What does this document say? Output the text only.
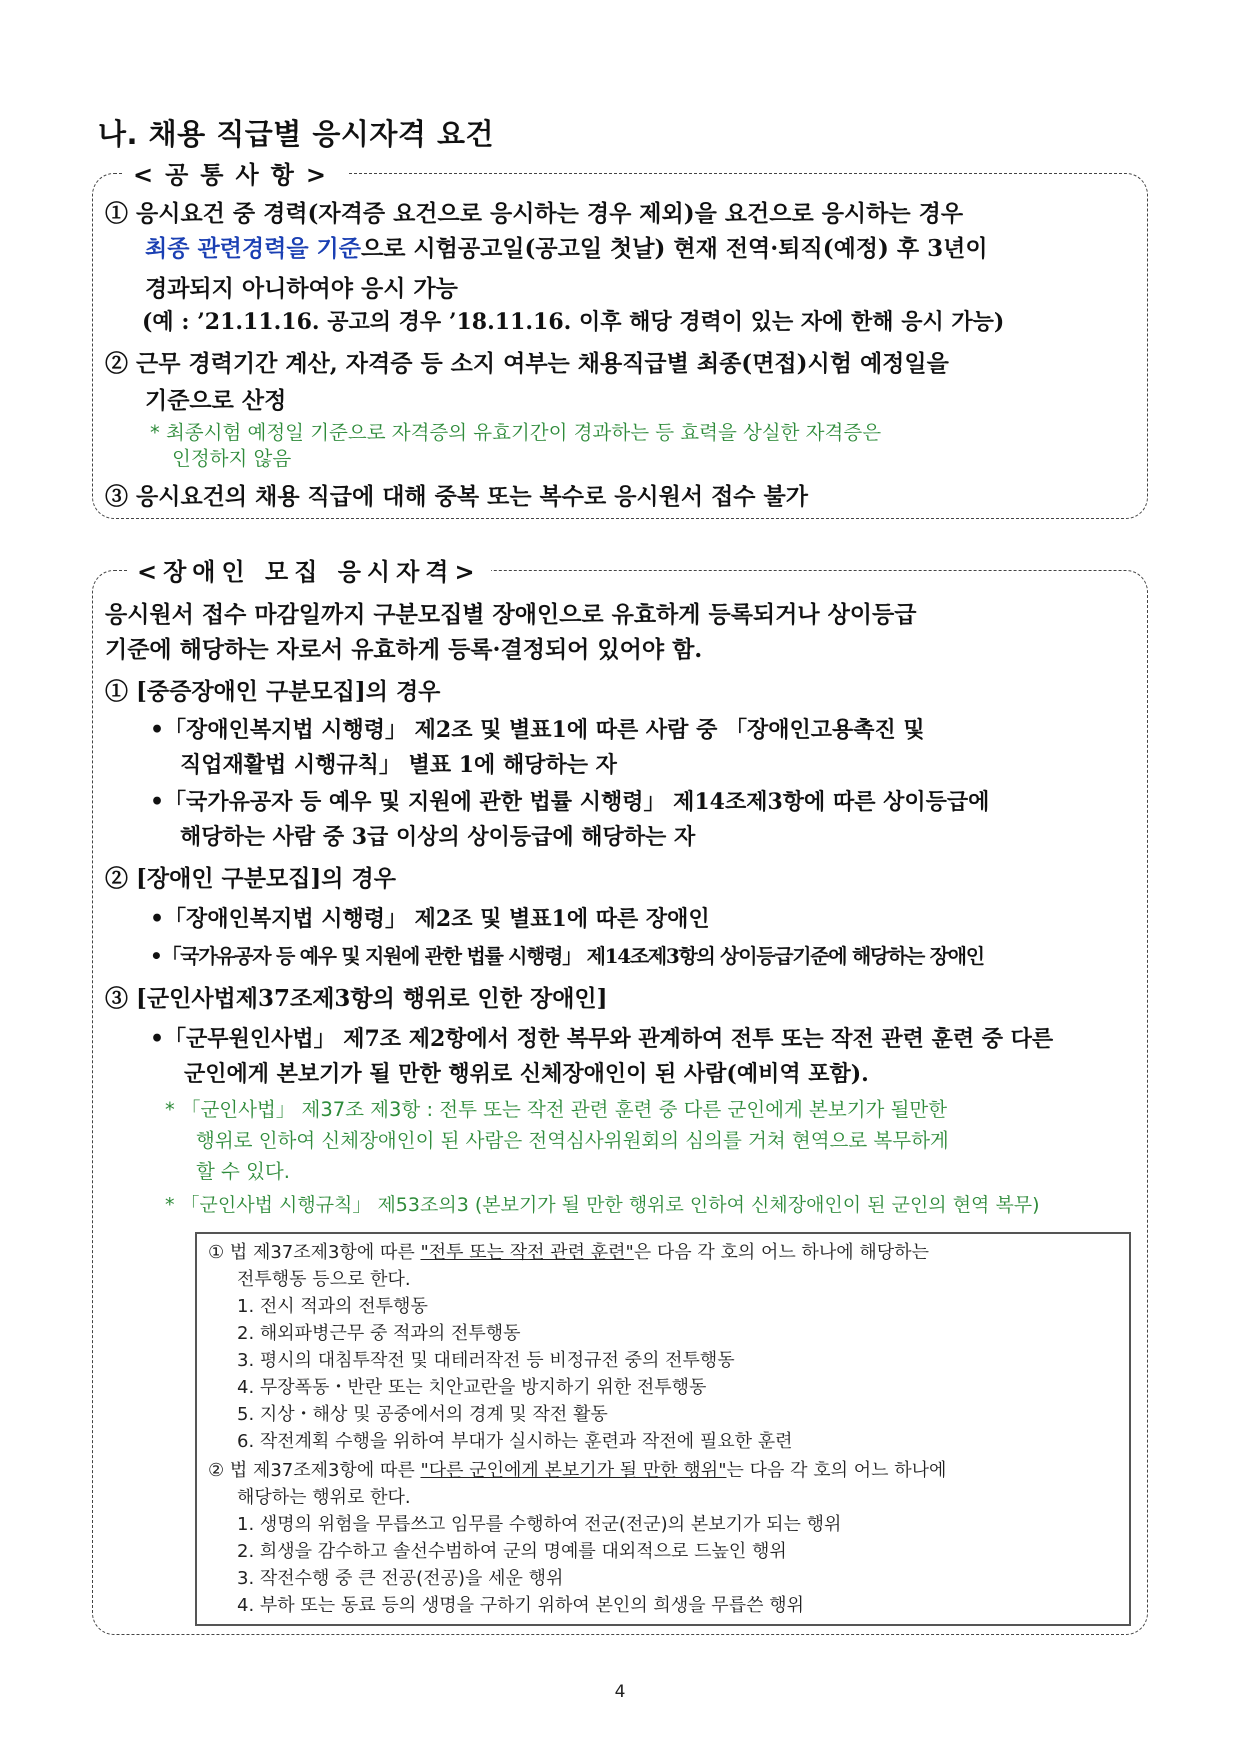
나. 채용 직급별 응시자격 요건
<공통사항>
① 응시요건 중 경력(자격증 요건으로 응시하는 경우 제외)을 요건으로 응시하는 경우
최종 관련경력을 기준으로 시험공고일(공고일 첫날) 현재 전역·퇴직(예정) 후 3년이
경과되지 아니하여야 응시 가능
(예 : ’21.11.16. 공고의 경우 ’18.11.16. 이후 해당 경력이 있는 자에 한해 응시 가능)
② 근무 경력기간 계산, 자격증 등 소지 여부는 채용직급별 최종(면접)시험 예정일을
기준으로 산정
* 최종시험 예정일 기준으로 자격증의 유효기간이 경과하는 등 효력을 상실한 자격증은
인정하지 않음
③ 응시요건의 채용 직급에 대해 중복 또는 복수로 응시원서 접수 불가
<장애인 모집 응시자격>
응시원서 접수 마감일까지 구분모집별 장애인으로 유효하게 등록되거나 상이등급
기준에 해당하는 자로서 유효하게 등록·결정되어 있어야 함.
① [중증장애인 구분모집]의 경우
•「장애인복지법 시행령」 제2조 및 별표1에 따른 사람 중 「장애인고용촉진 및
직업재활법 시행규칙」 별표 1에 해당하는 자
•「국가유공자 등 예우 및 지원에 관한 법률 시행령」 제14조제3항에 따른 상이등급에
해당하는 사람 중 3급 이상의 상이등급에 해당하는 자
② [장애인 구분모집]의 경우
•「장애인복지법 시행령」 제2조 및 별표1에 따른 장애인
•「국가유공자 등 예우 및 지원에 관한 법률 시행령」 제14조제3항의 상이등급기준에 해당하는 장애인
③ [군인사법제37조제3항의 행위로 인한 장애인]
•「군무원인사법」 제7조 제2항에서 정한 복무와 관계하여 전투 또는 작전 관련 훈련 중 다른
군인에게 본보기가 될 만한 행위로 신체장애인이 된 사람(예비역 포함).
* 「군인사법」 제37조 제3항 : 전투 또는 작전 관련 훈련 중 다른 군인에게 본보기가 될만한
행위로 인하여 신체장애인이 된 사람은 전역심사위원회의 심의를 거쳐 현역으로 복무하게
할 수 있다.
* 「군인사법 시행규칙」 제53조의3 (본보기가 될 만한 행위로 인하여 신체장애인이 된 군인의 현역 복무)
① 법 제37조제3항에 따른 "전투 또는 작전 관련 훈련"은 다음 각 호의 어느 하나에 해당하는
전투행동 등으로 한다.
1. 전시 적과의 전투행동
2. 해외파병근무 중 적과의 전투행동
3. 평시의 대침투작전 및 대테러작전 등 비정규전 중의 전투행동
4. 무장폭동・반란 또는 치안교란을 방지하기 위한 전투행동
5. 지상・해상 및 공중에서의 경계 및 작전 활동
6. 작전계획 수행을 위하여 부대가 실시하는 훈련과 작전에 필요한 훈련
② 법 제37조제3항에 따른 "다른 군인에게 본보기가 될 만한 행위"는 다음 각 호의 어느 하나에
해당하는 행위로 한다.
1. 생명의 위험을 무릅쓰고 임무를 수행하여 전군(전군)의 본보기가 되는 행위
2. 희생을 감수하고 솔선수범하여 군의 명예를 대외적으로 드높인 행위
3. 작전수행 중 큰 전공(전공)을 세운 행위
4. 부하 또는 동료 등의 생명을 구하기 위하여 본인의 희생을 무릅쓴 행위
4
